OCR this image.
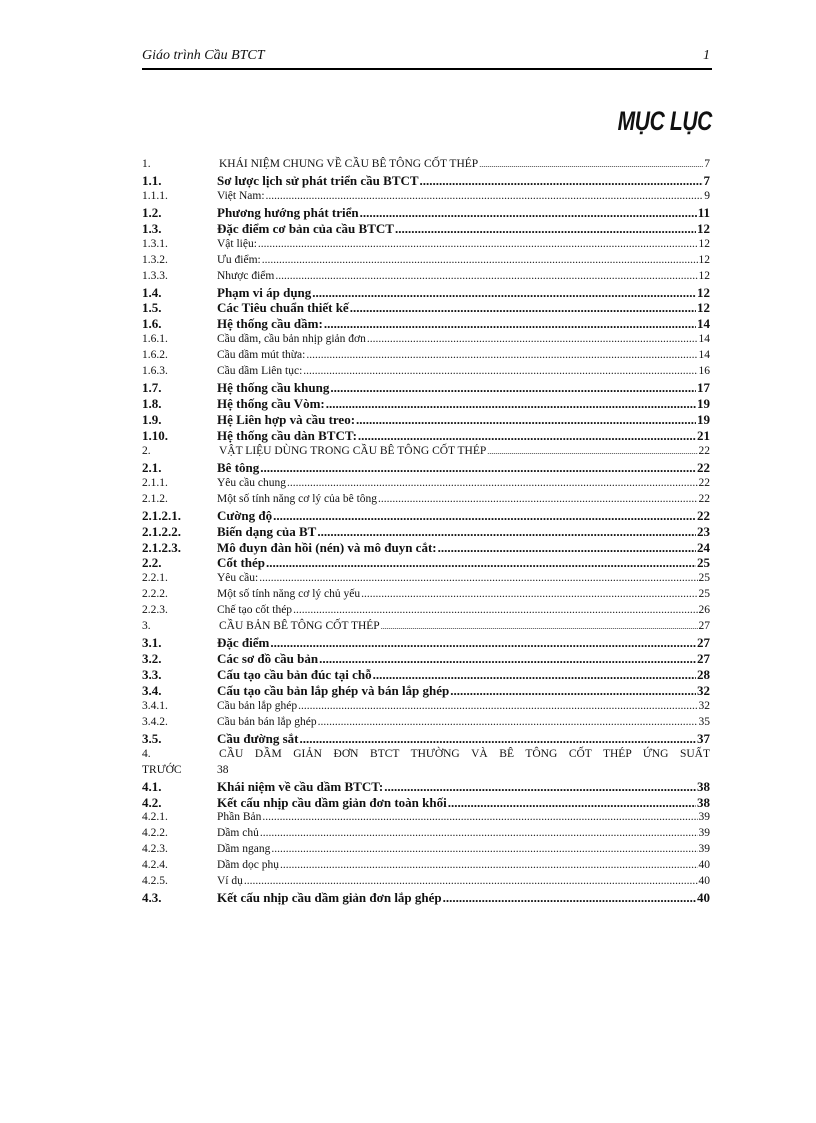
Giáo trình Cầu BTCT	1
MỤC LỤC
1.	KHÁI NIỆM CHUNG VỀ CẦU BÊ TÔNG CỐT THÉP .....	7
1.1.	Sơ lược lịch sử phát triển cầu BTCT .....	7
1.1.1.	Việt Nam: .....	9
1.2.	Phương hướng phát triển .....	11
1.3.	Đặc điểm cơ bản của cầu BTCT .....	12
1.3.1.	Vật liệu: .....	12
1.3.2.	Ưu điểm: .....	12
1.3.3.	Nhược điểm .....	12
1.4.	Phạm vi áp dụng .....	12
1.5.	Các Tiêu chuẩn thiết kế .....	12
1.6.	Hệ thống cầu dầm: .....	14
1.6.1.	Cầu dầm, cầu bản nhịp giản đơn .....	14
1.6.2.	Cầu dầm mút thừa: .....	14
1.6.3.	Cầu dầm Liên tục: .....	16
1.7.	Hệ thống cầu khung .....	17
1.8.	Hệ thống cầu Vòm: .....	19
1.9.	Hệ Liên hợp và cầu treo: .....	19
1.10.	Hệ thống cầu dàn BTCT: .....	21
2.	VẬT LIỆU DÙNG TRONG CẦU BÊ TÔNG CỐT THÉP .....	22
2.1.	Bê tông .....	22
2.1.1.	Yêu cầu chung .....	22
2.1.2.	Một số tính năng cơ lý của bê tông .....	22
2.1.2.1.	Cường độ .....	22
2.1.2.2.	Biến dạng của BT .....	23
2.1.2.3.	Mô đuyn đàn hồi (nén) và mô đuyn cắt: .....	24
2.2.	Cốt thép .....	25
2.2.1.	Yêu cầu: .....	25
2.2.2.	Một số tính năng cơ lý chủ yếu .....	25
2.2.3.	Chế tạo cốt thép .....	26
3.	CẦU BẢN BÊ TÔNG CỐT THÉP .....	27
3.1.	Đặc điểm .....	27
3.2.	Các sơ đồ cầu bản .....	27
3.3.	Cấu tạo cầu bản đúc tại chỗ .....	28
3.4.	Cấu tạo cầu bản lắp ghép và bán lắp ghép .....	32
3.4.1.	Cầu bản lắp ghép .....	32
3.4.2.	Cầu bản bán lắp ghép .....	35
3.5.	Cầu đường sắt .....	37
4.	CẦU DẦM GIẢN ĐƠN BTCT THƯỜNG VÀ BÊ TÔNG CỐT THÉP ỨNG SUẤT
TRƯỚC	38
4.1.	Khái niệm về cầu dầm BTCT: .....	38
4.2.	Kết cấu nhịp cầu dầm giản đơn toàn khối .....	38
4.2.1.	Phần Bản .....	39
4.2.2.	Dầm chủ .....	39
4.2.3.	Dầm ngang .....	39
4.2.4.	Dầm dọc phụ .....	40
4.2.5.	Ví dụ .....	40
4.3.	Kết cấu nhịp cầu dầm giản đơn lắp ghép .....	40
